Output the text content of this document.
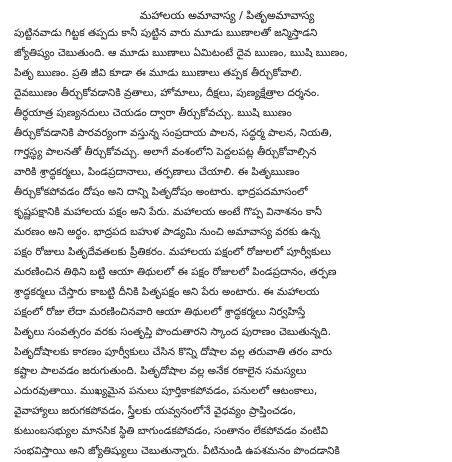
మహాలయ అమావాస్య / పితృఅమావాస్య
పుట్టినవాడు గిట్టక తప్పదు కానీ పుట్టిన వారు మూడు ఋణాలతో జన్మిస్తాడని
జ్యోతిష్యం చెబుతుంది. ఆ మూడు ఋణాలు ఏమిటంటే దైవ ఋణం, ఋషి ఋణం,
పితృ ఋణం. ప్రతి జీవి కూడా ఈ మూడు ఋణాలు తప్పక తీర్చుకోవాలి.
దైవఋణం తీర్చుకోవడానికి వ్రతాలు, హోమాలు, దీక్షలు, పుణ్యక్షేత్రాల దర్శనం.
తీర్థయాత్ర పుణ్యనదులు చెయడం ద్వారా తీర్చుకోవచ్చు. ఋషి ఋణం
తీర్చుకోవడానికి పారవర్యంగా వస్తున్న సంప్రదాయ పాలన, సద్ధర్మ పాలన, నియతి,
గార్హస్థ్య పాలనతో తీర్చుకోవచ్చు. అలాగే వంశంలోని పెద్దలపట్ల తీర్చుకోవాల్సిన
వారికి శ్రాద్ధకర్మలు, పిండప్రదానాలు, తర్పణాలు చేయాలి. ఈ పితృఋణం
తీర్చుకోకపోవడం దోషం అని దాన్ని పితృదోషం అంటారు. భాద్రపదమాసంలో
కృష్ణపక్షానికి మహాలయ పక్షం అని పేరు. మహాలయ అంటే గొప్ప వినాశనం కానీ
మరణం అని అర్థం. భాద్రపద బహుళ పాడ్యమి నుంచి అమావాస్య వరకు ఉన్న
పక్షం రోజులు పితృదేవతలకు ప్రీతికరం. మహాలయ పక్షంలో రోజులలో పూర్వీకులు
మరణించిన తిథిని బట్టి ఆయా తిథులలో ఈ పక్షం రోజులలో పిండప్రదానం, తర్పణ
శ్రాద్ధకర్మలు చేస్తారు కాబట్టి దీనికి పితృపక్షం అని పేరు అంటారు. ఈ మహాలయ
పక్షంలో రోజు లేదా మరణించినవారి ఆయా తిథులలో శ్రాద్ధకర్మలు నిర్వహిస్తే
పితృలు సంవత్సరం వరకు సంతృప్తి పొందుతారని స్కాంద పురాణం చెబుతున్నది.
పితృదోషాలకు కారణం పూర్వీకులు చేసిన కొన్ని దోషాల వల్ల తరువాతి తరం వారు
కష్టాల పాలవడం జరుగుతుంది. పితృదోషాల వల్ల అనేక రకాలైన సమస్యలు
ఎదురవుతాయి. ముఖ్యమైన పనులు పూర్తికాకపోవడం, పనులలో ఆటంకాలు,
వైవాహ్యాలు జరుగకపోవడం, స్త్రీలకు యవ్వనంలోనే వైధవ్యం ప్రాప్తించడం,
కుటుంబసభ్యుల మానసిక స్థితి బాగుండకపోవడం, సంతానం లేకపోవడం వంటివి
సంభవిస్తాయి అని జ్యోతిష్యులు చెబుతున్నారు. వీటినుండి ఉపశమనం పొందడానికి
